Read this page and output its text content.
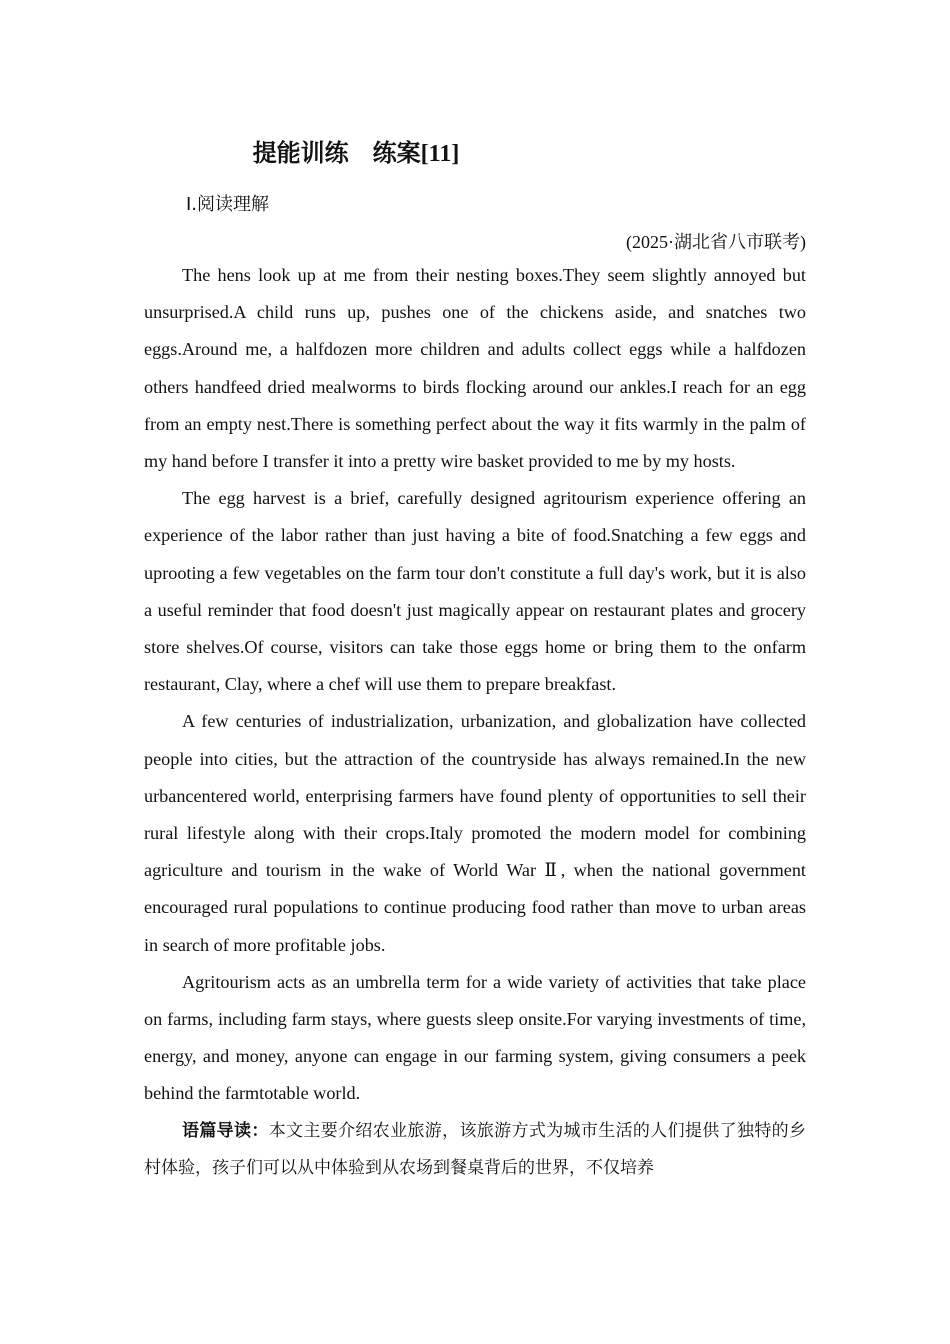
提能训练　练案[11]
Ⅰ.阅读理解
(2025·湖北省八市联考)

The hens look up at me from their nesting boxes.They seem slightly annoyed but unsurprised.A child runs up, pushes one of the chickens aside, and snatches two eggs.Around me, a halfdozen more children and adults collect eggs while a halfdozen others handfeed dried mealworms to birds flocking around our ankles.I reach for an egg from an empty nest.There is something perfect about the way it fits warmly in the palm of my hand before I transfer it into a pretty wire basket provided to me by my hosts.

The egg harvest is a brief, carefully designed agritourism experience offering an experience of the labor rather than just having a bite of food.Snatching a few eggs and uprooting a few vegetables on the farm tour don't constitute a full day's work, but it is also a useful reminder that food doesn't just magically appear on restaurant plates and grocery store shelves.Of course, visitors can take those eggs home or bring them to the onfarm restaurant, Clay, where a chef will use them to prepare breakfast.

A few centuries of industrialization, urbanization, and globalization have collected people into cities, but the attraction of the countryside has always remained.In the new urbancentered world, enterprising farmers have found plenty of opportunities to sell their rural lifestyle along with their crops.Italy promoted the modern model for combining agriculture and tourism in the wake of World War Ⅱ, when the national government encouraged rural populations to continue producing food rather than move to urban areas in search of more profitable jobs.

Agritourism acts as an umbrella term for a wide variety of activities that take place on farms, including farm stays, where guests sleep onsite.For varying investments of time, energy, and money, anyone can engage in our farming system, giving consumers a peek behind the farmtotable world.

语篇导读：本文主要介绍农业旅游，该旅游方式为城市生活的人们提供了独特的乡村体验，孩子们可以从中体验到从农场到餐桌背后的世界，不仅培养
